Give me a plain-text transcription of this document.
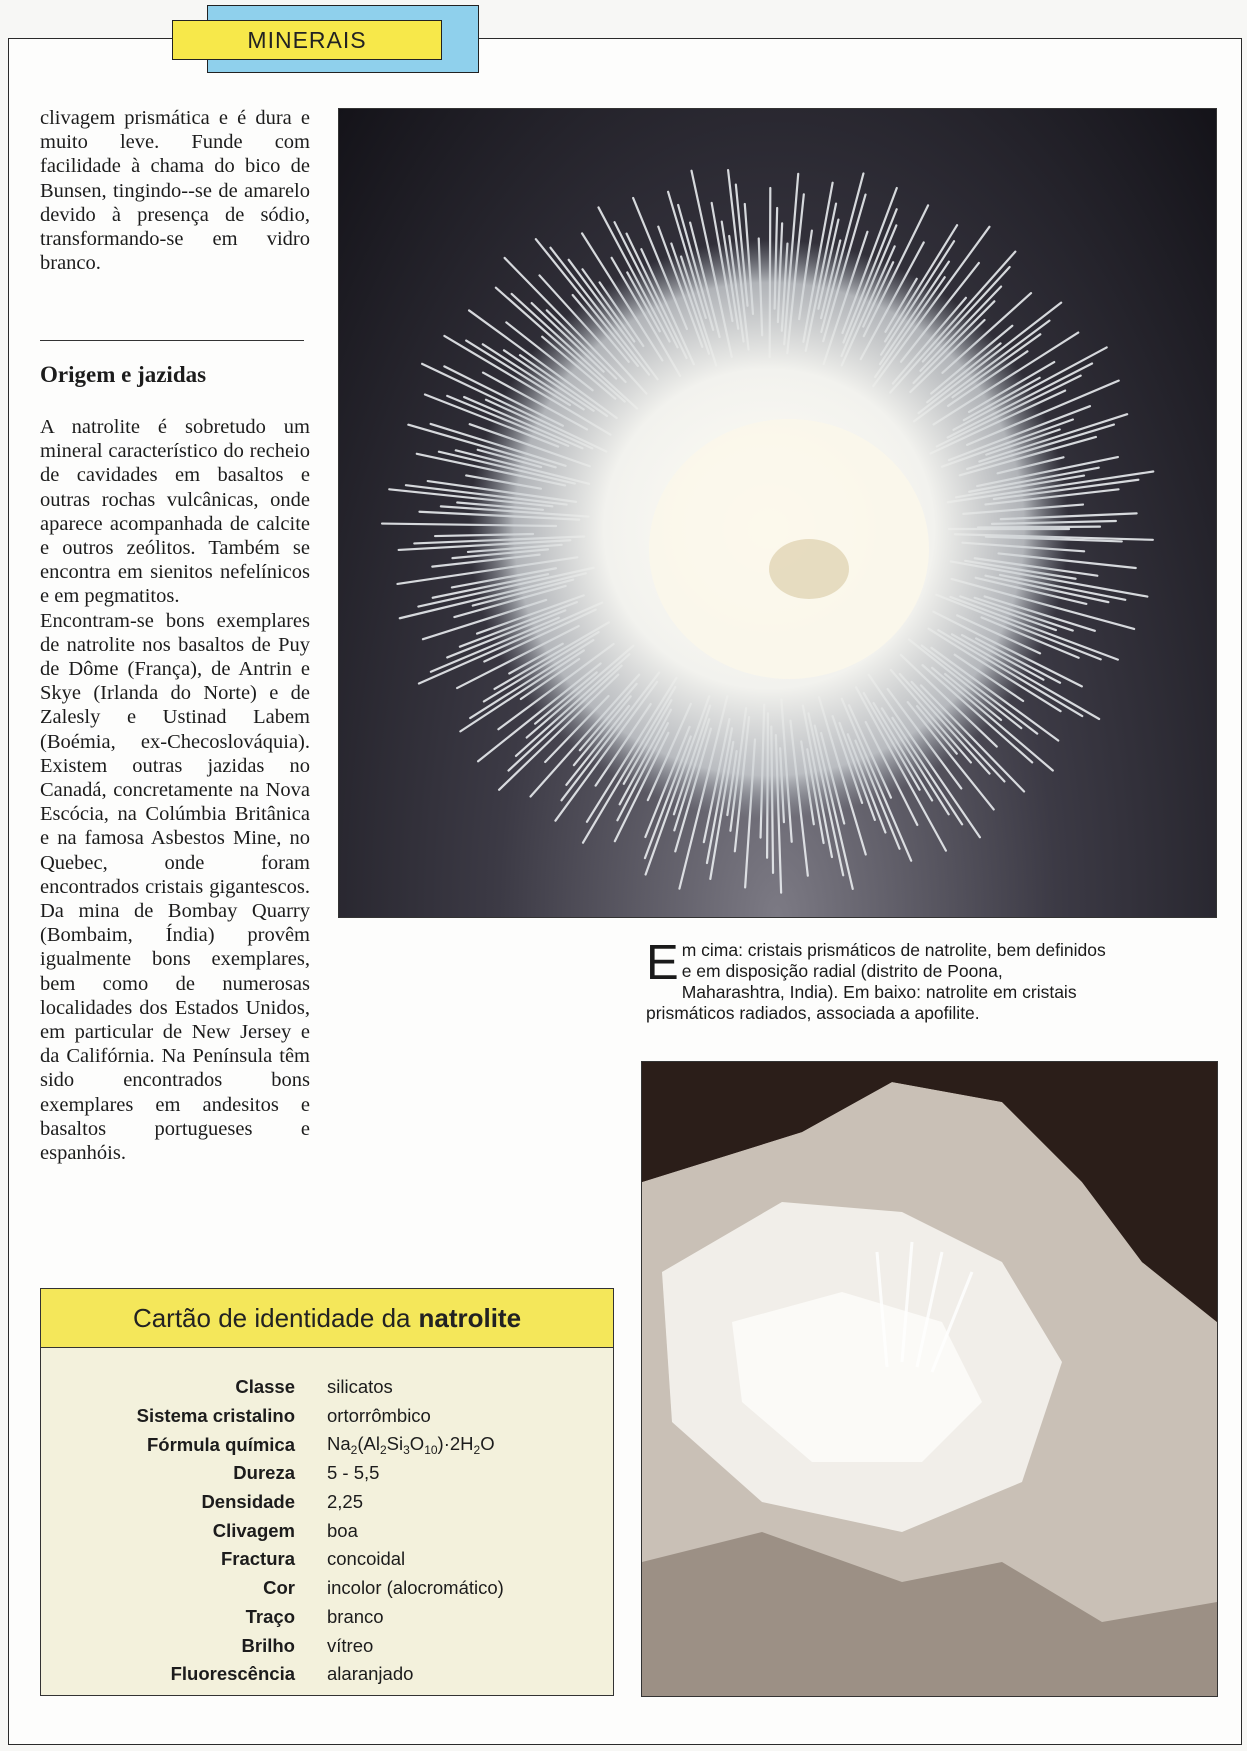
MINERAIS

clivagem prismática e é dura e muito leve. Funde com facilidade à chama do bico de Bunsen, tingindo--se de amarelo devido à presença de sódio, transformando-se em vidro branco.

Origem e jazidas

A natrolite é sobretudo um mineral característico do recheio de cavidades em basaltos e outras rochas vulcânicas, onde aparece acompanhada de calcite e outros zeólitos. Também se encontra em sienitos nefelínicos e em pegmatitos.

Encontram-se bons exemplares de natrolite nos basaltos de Puy de Dôme (França), de Antrin e Skye (Irlanda do Norte) e de Zalesly e Ustinad Labem (Boémia, ex-Checoslováquia). Existem outras jazidas no Canadá, concretamente na Nova Escócia, na Colúmbia Britânica e na famosa Asbestos Mine, no Quebec, onde foram encontrados cristais gigantescos. Da mina de Bombay Quarry (Bombaim, Índia) provêm igualmente bons exemplares, bem como de numerosas localidades dos Estados Unidos, em particular de New Jersey e da Califórnia. Na Península têm sido encontrados bons exemplares em andesitos e basaltos portugueses e espanhóis.

Em cima: cristais prismáticos de natrolite, bem definidos e em disposição radial (distrito de Poona, Maharashtra, India). Em baixo: natrolite em cristais prismáticos radiados, associada a apofilite.
Cartão de identidade da natrolite
Classe	silicatos
Sistema cristalino	ortorrômbico
Fórmula química	$Na_2(Al_2Si_3O_{10})\cdot 2H_2O$
Dureza	5 - 5,5
Densidade	2,25
Clivagem	boa
Fractura	concoidal
Cor	incolor (alocromático)
Traço	branco
Brilho	vítreo
Fluorescência	alaranjado
